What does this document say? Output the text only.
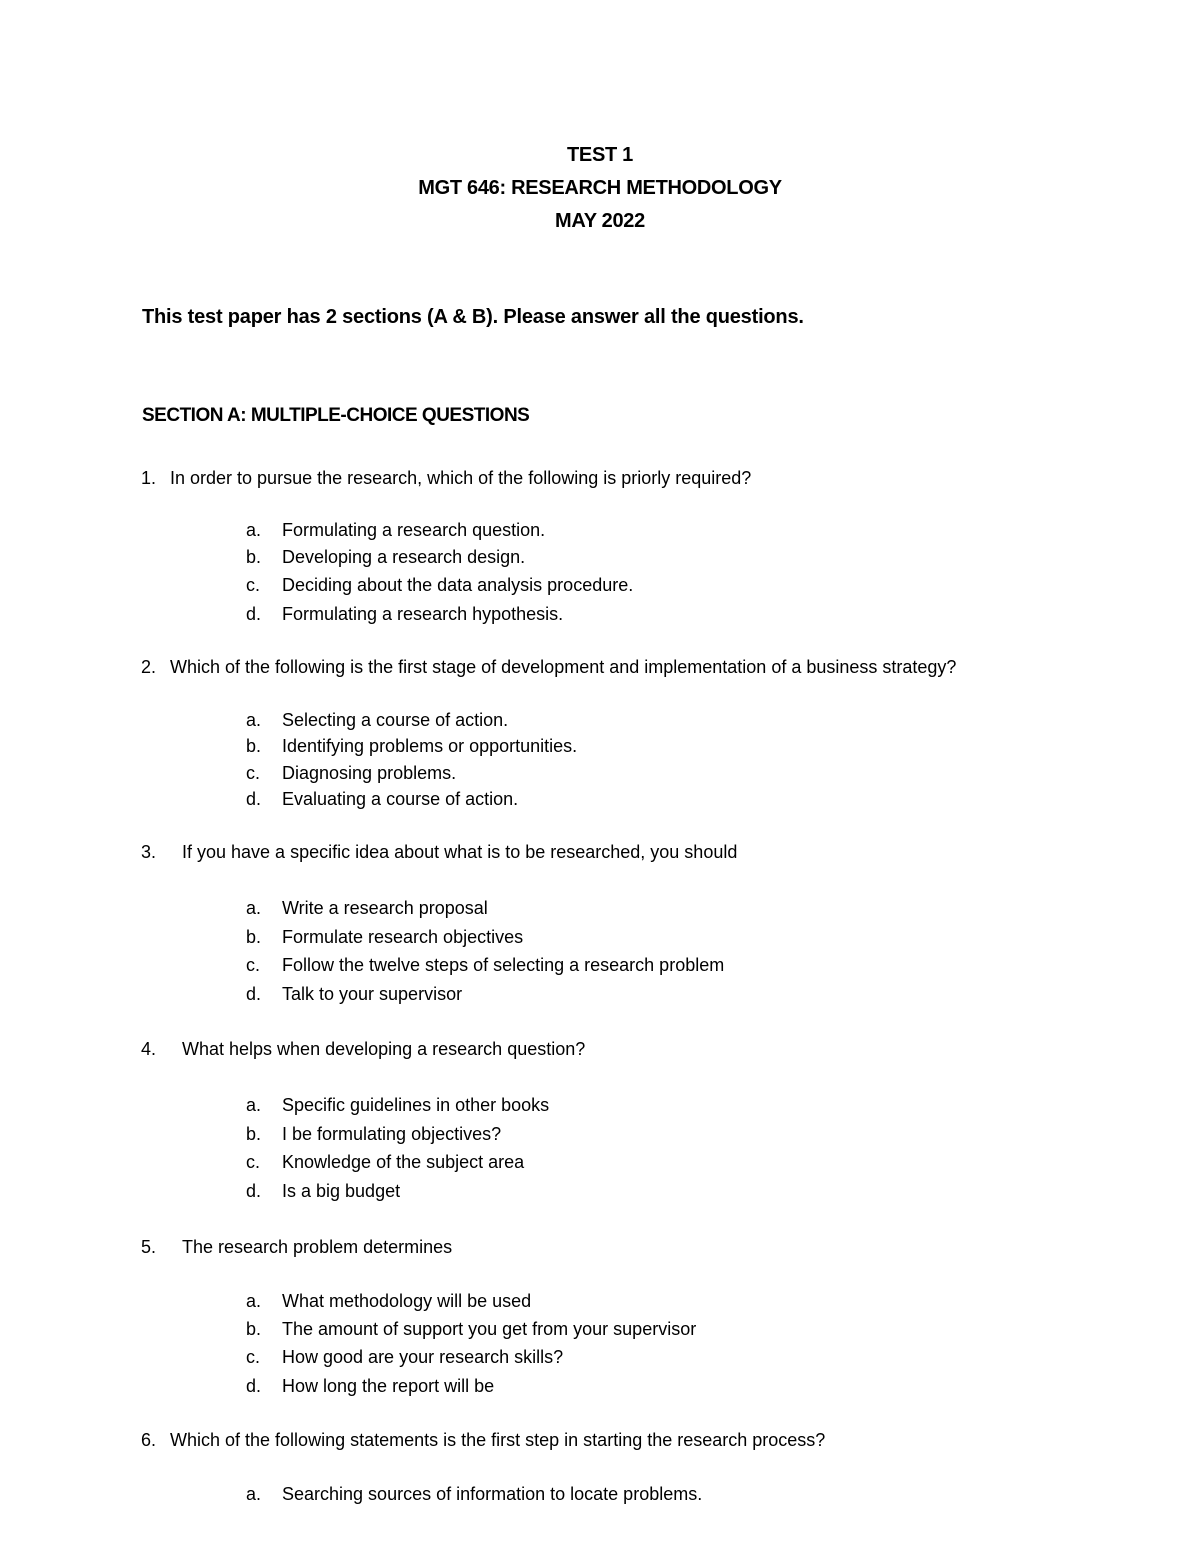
TEST 1
MGT 646: RESEARCH METHODOLOGY
MAY 2022
This test paper has 2 sections (A & B). Please answer all the questions.
SECTION A: MULTIPLE-CHOICE QUESTIONS
1. In order to pursue the research, which of the following is priorly required?
a. Formulating a research question.
b. Developing a research design.
c. Deciding about the data analysis procedure.
d. Formulating a research hypothesis.
2. Which of the following is the first stage of development and implementation of a business strategy?
a. Selecting a course of action.
b. Identifying problems or opportunities.
c. Diagnosing problems.
d. Evaluating a course of action.
3. If you have a specific idea about what is to be researched, you should
a. Write a research proposal
b. Formulate research objectives
c. Follow the twelve steps of selecting a research problem
d. Talk to your supervisor
4. What helps when developing a research question?
a. Specific guidelines in other books
b. I be formulating objectives?
c. Knowledge of the subject area
d. Is a big budget
5. The research problem determines
a. What methodology will be used
b. The amount of support you get from your supervisor
c. How good are your research skills?
d. How long the report will be
6. Which of the following statements is the first step in starting the research process?
a. Searching sources of information to locate problems.
